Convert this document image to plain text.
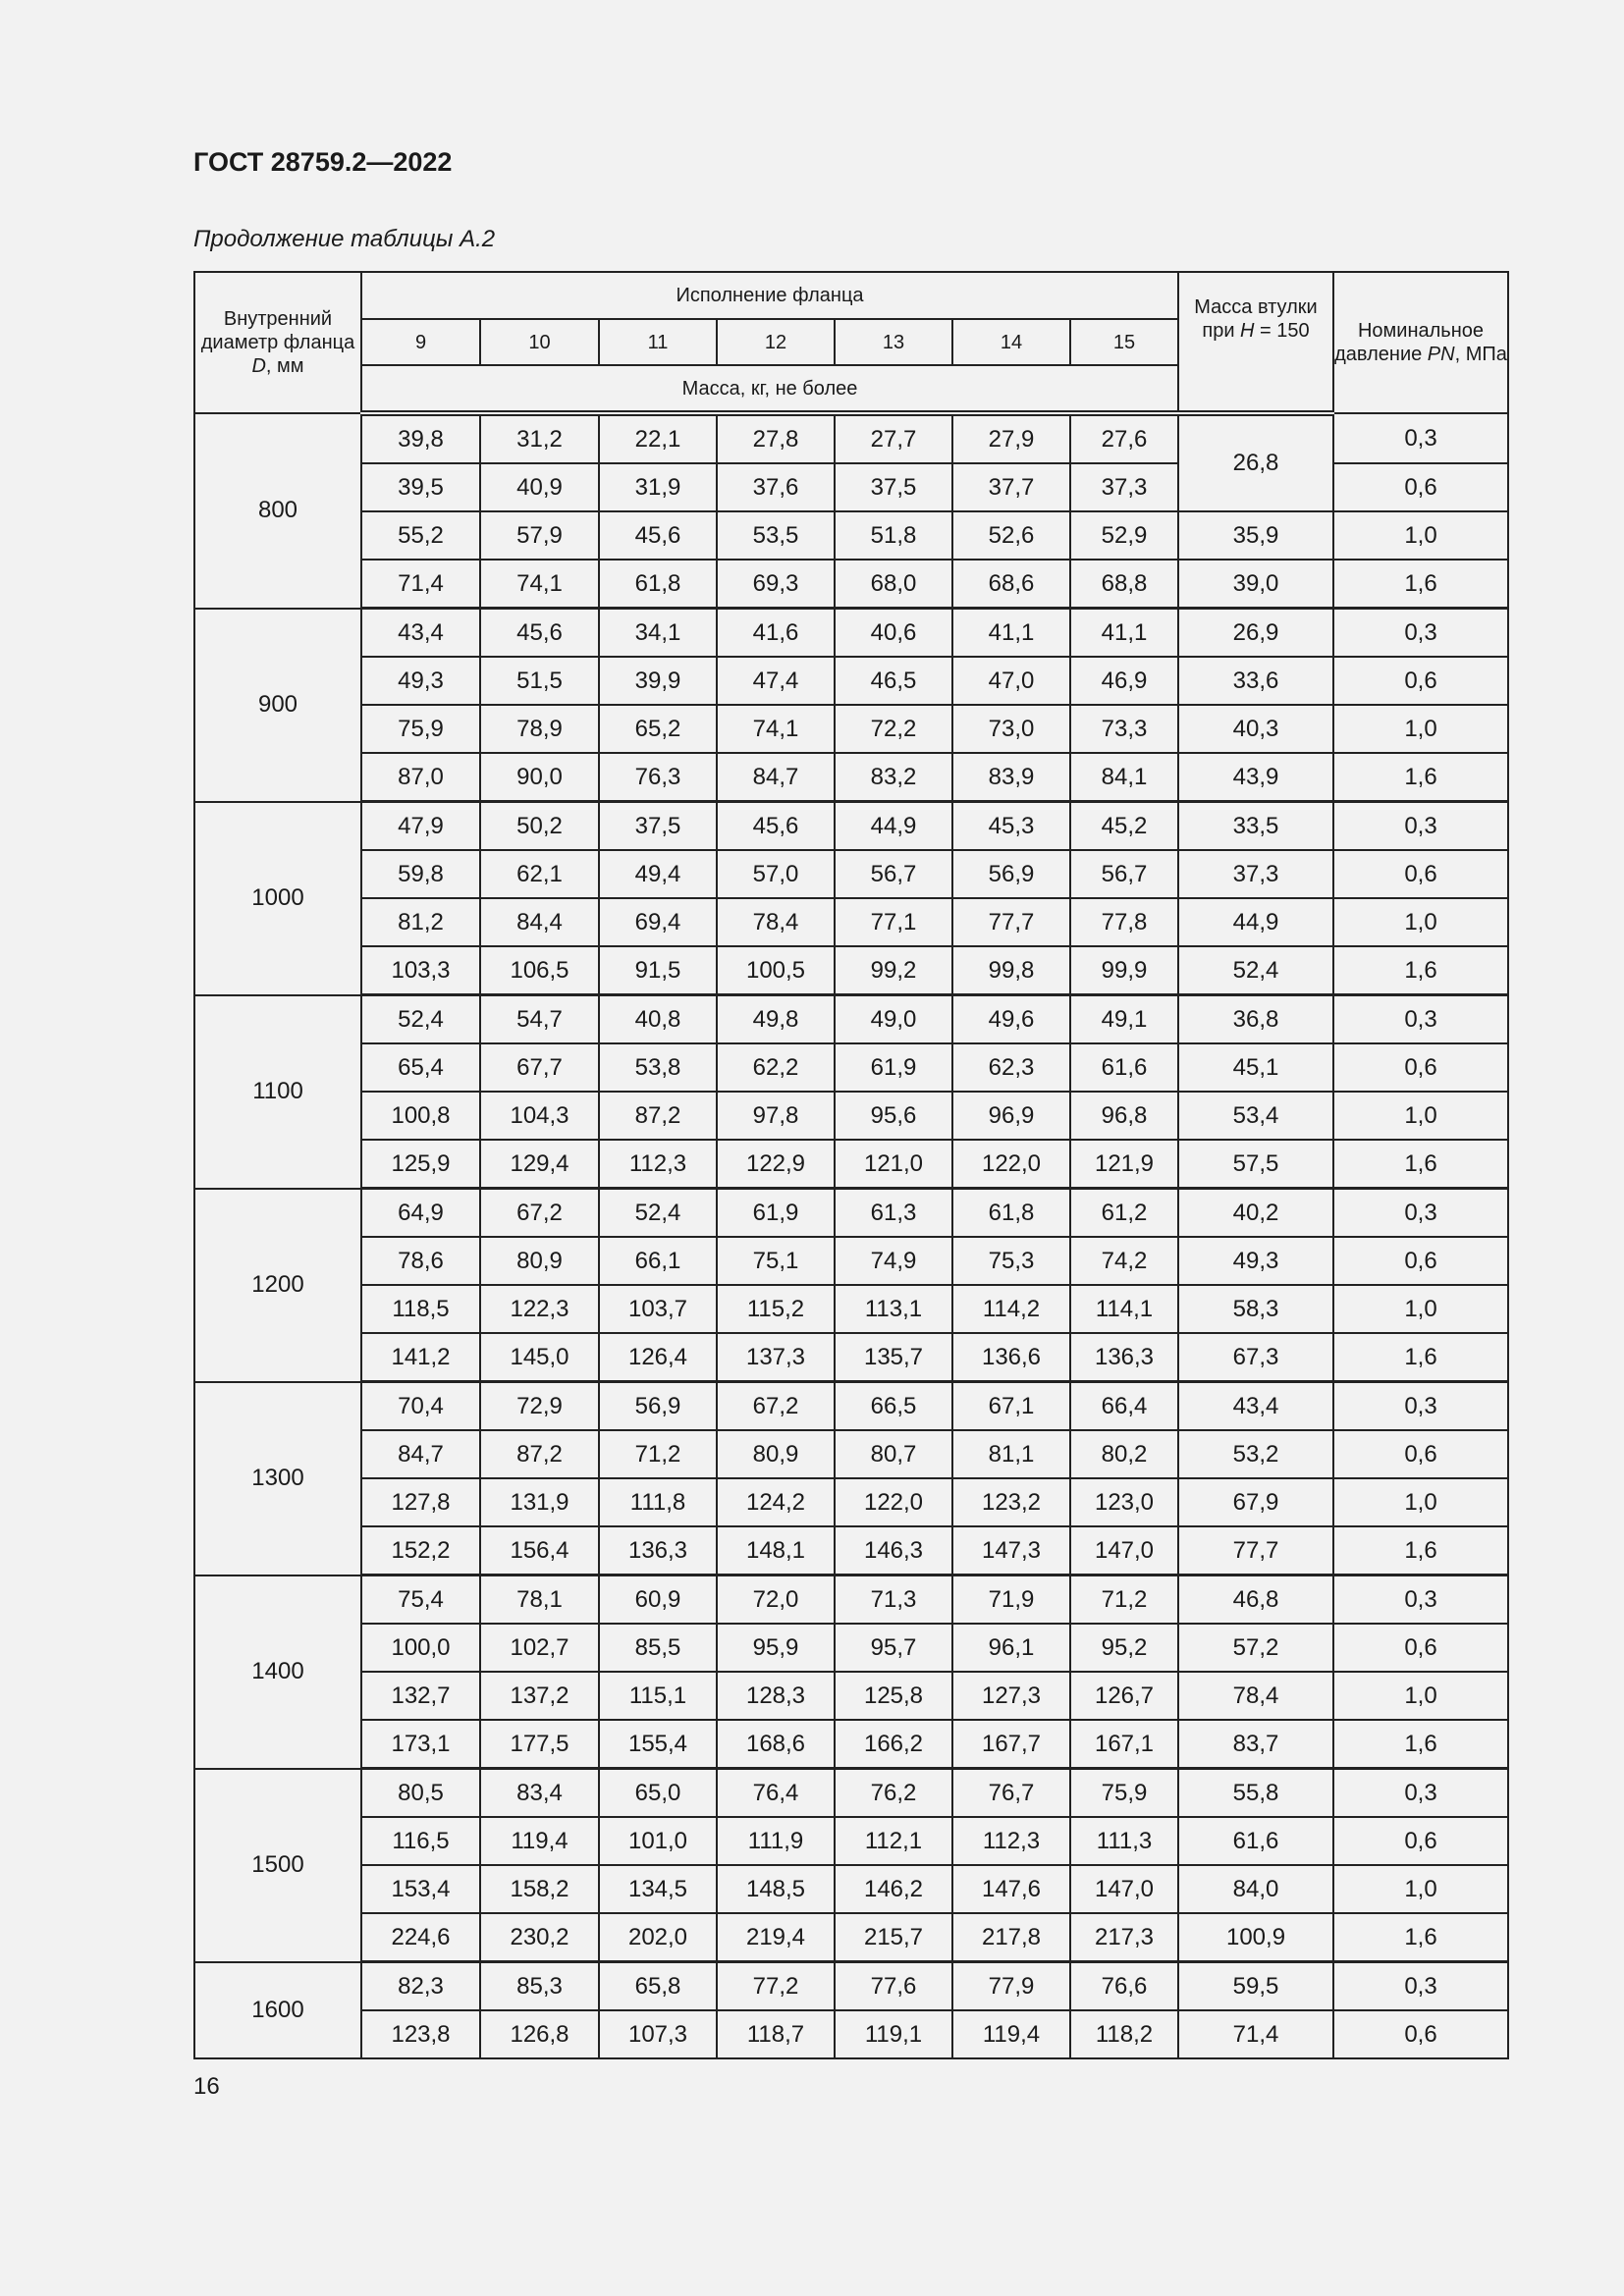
ГОСТ 28759.2—2022
Продолжение таблицы А.2
Внутренний диаметр фланца D, мм	Исполнение фланца							Масса втулки при H = 150	Номинальное давление PN, МПа
	9	10	11	12	13	14	15		
	Масса, кг, не более								
800	39,8	31,2	22,1	27,8	27,7	27,9	27,6	26,8	0,3
	39,5	40,9	31,9	37,6	37,5	37,7	37,3		0,6
	55,2	57,9	45,6	53,5	51,8	52,6	52,9	35,9	1,0
	71,4	74,1	61,8	69,3	68,0	68,6	68,8	39,0	1,6
900	43,4	45,6	34,1	41,6	40,6	41,1	41,1	26,9	0,3
	49,3	51,5	39,9	47,4	46,5	47,0	46,9	33,6	0,6
	75,9	78,9	65,2	74,1	72,2	73,0	73,3	40,3	1,0
	87,0	90,0	76,3	84,7	83,2	83,9	84,1	43,9	1,6
1000	47,9	50,2	37,5	45,6	44,9	45,3	45,2	33,5	0,3
	59,8	62,1	49,4	57,0	56,7	56,9	56,7	37,3	0,6
	81,2	84,4	69,4	78,4	77,1	77,7	77,8	44,9	1,0
	103,3	106,5	91,5	100,5	99,2	99,8	99,9	52,4	1,6
1100	52,4	54,7	40,8	49,8	49,0	49,6	49,1	36,8	0,3
	65,4	67,7	53,8	62,2	61,9	62,3	61,6	45,1	0,6
	100,8	104,3	87,2	97,8	95,6	96,9	96,8	53,4	1,0
	125,9	129,4	112,3	122,9	121,0	122,0	121,9	57,5	1,6
1200	64,9	67,2	52,4	61,9	61,3	61,8	61,2	40,2	0,3
	78,6	80,9	66,1	75,1	74,9	75,3	74,2	49,3	0,6
	118,5	122,3	103,7	115,2	113,1	114,2	114,1	58,3	1,0
	141,2	145,0	126,4	137,3	135,7	136,6	136,3	67,3	1,6
1300	70,4	72,9	56,9	67,2	66,5	67,1	66,4	43,4	0,3
	84,7	87,2	71,2	80,9	80,7	81,1	80,2	53,2	0,6
	127,8	131,9	111,8	124,2	122,0	123,2	123,0	67,9	1,0
	152,2	156,4	136,3	148,1	146,3	147,3	147,0	77,7	1,6
1400	75,4	78,1	60,9	72,0	71,3	71,9	71,2	46,8	0,3
	100,0	102,7	85,5	95,9	95,7	96,1	95,2	57,2	0,6
	132,7	137,2	115,1	128,3	125,8	127,3	126,7	78,4	1,0
	173,1	177,5	155,4	168,6	166,2	167,7	167,1	83,7	1,6
1500	80,5	83,4	65,0	76,4	76,2	76,7	75,9	55,8	0,3
	116,5	119,4	101,0	111,9	112,1	112,3	111,3	61,6	0,6
	153,4	158,2	134,5	148,5	146,2	147,6	147,0	84,0	1,0
	224,6	230,2	202,0	219,4	215,7	217,8	217,3	100,9	1,6
1600	82,3	85,3	65,8	77,2	77,6	77,9	76,6	59,5	0,3
	123,8	126,8	107,3	118,7	119,1	119,4	118,2	71,4	0,6
16
